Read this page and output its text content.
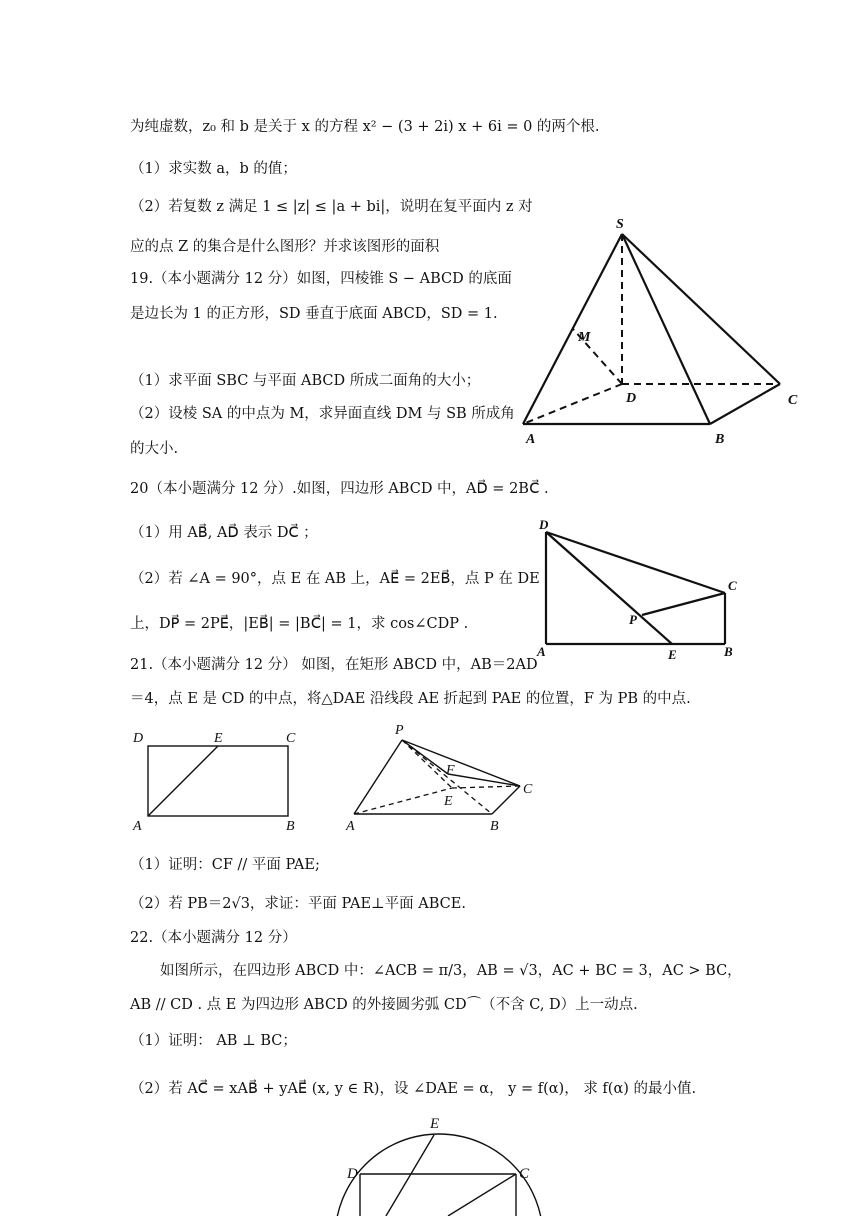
为纯虚数，z₀ 和 b 是关于 x 的方程 x² − (3 + 2i) x + 6i = 0 的两个根.
（1）求实数 a，b 的值；
（2）若复数 z 满足 1 ≤ |z| ≤ |a + bi|，说明在复平面内 z 对
应的点 Z 的集合是什么图形？并求该图形的面积
19.（本小题满分 12 分）如图，四棱锥 S − ABCD 的底面
是边长为 1 的正方形，SD 垂直于底面 ABCD，SD = 1.
（1）求平面 SBC 与平面 ABCD 所成二面角的大小；
（2）设棱 SA 的中点为 M，求异面直线 DM 与 SB 所成角
的大小.
S
M
D	C
A	B
20（本小题满分 12 分）.如图，四边形 ABCD 中，AD⃗ = 2BC⃗ .
（1）用 AB⃗, AD⃗ 表示 DC⃗ ；
（2）若 ∠A = 90°，点 E 在 AB 上，AE⃗ = 2EB⃗，点 P 在 DE
上，DP⃗ = 2PE⃗，|EB⃗| = |BC⃗| = 1，求 cos∠CDP .
D
C
P
A	E	B
21.（本小题满分 12 分） 如图，在矩形 ABCD 中，AB＝2AD
＝4，点 E 是 CD 的中点，将△DAE 沿线段 AE 折起到 PAE 的位置，F 为 PB 的中点.
D	E	C
A	B
P
F
E
C
A	B
（1）证明：CF // 平面 PAE;
（2）若 PB＝2√3，求证：平面 PAE⊥平面 ABCE.
22.（本小题满分 12 分）
如图所示，在四边形 ABCD 中：∠ACB = π/3，AB = √3，AC + BC = 3，AC > BC，
AB // CD . 点 E 为四边形 ABCD 的外接圆劣弧 CD⌒（不含 C, D）上一动点.
（1）证明： AB ⊥ BC；
（2）若 AC⃗ = xAB⃗ + yAE⃗ (x, y ∈ R)，设 ∠DAE = α， y = f(α)， 求 f(α) 的最小值.
E
D	C
